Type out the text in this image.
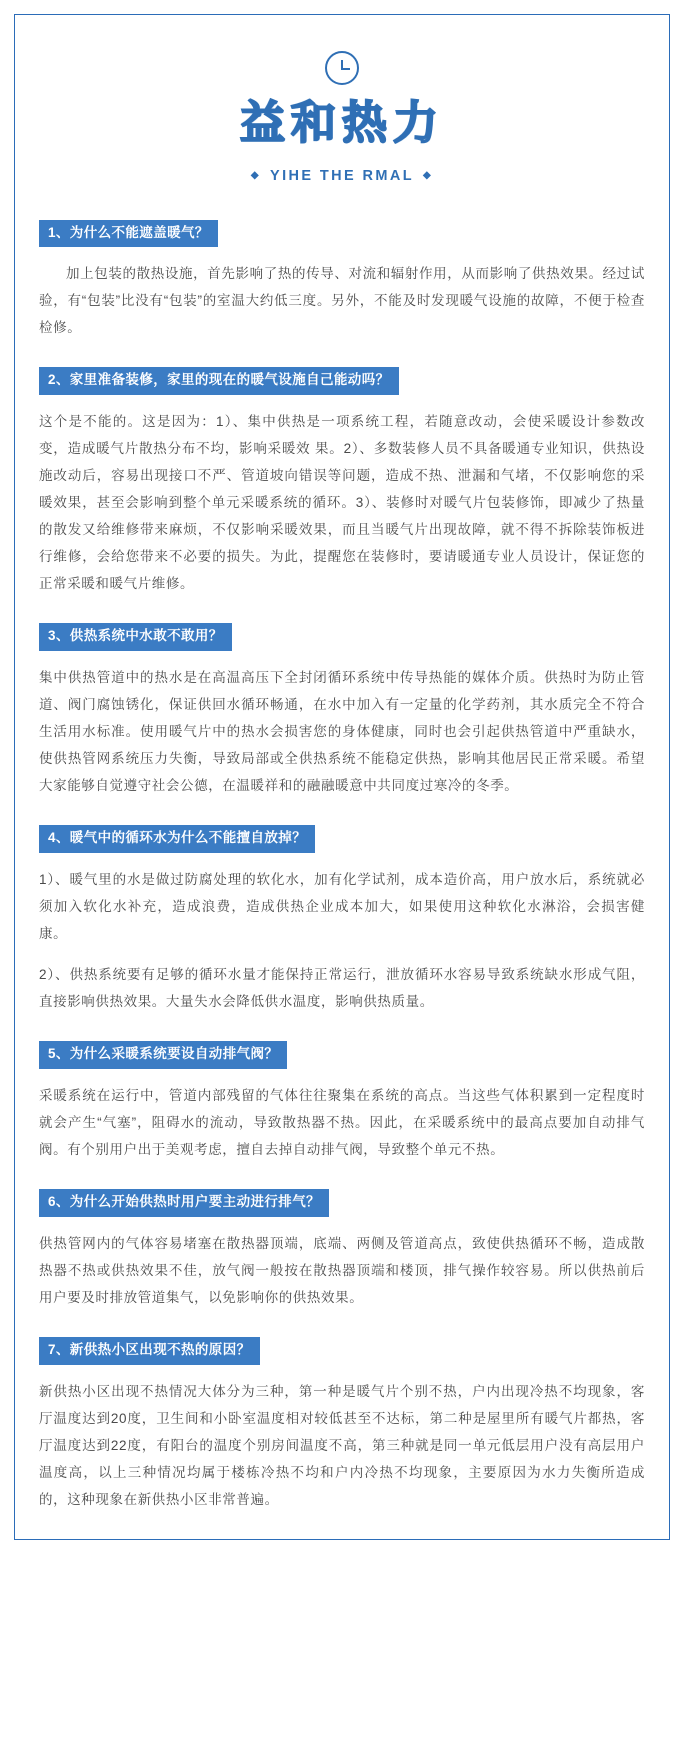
益和热力
◆ YIHE THE RMAL ◆
1、为什么不能遮盖暖气？

加上包装的散热设施，首先影响了热的传导、对流和辐射作用，从而影响了供热效果。经过试验，有“包装”比没有“包装”的室温大约低三度。另外，不能及时发现暖气设施的故障，不便于检查检修。

2、家里准备装修，家里的现在的暖气设施自己能动吗？

这个是不能的。这是因为：1）、集中供热是一项系统工程，若随意改动，会使采暖设计参数改变，造成暖气片散热分布不均，影响采暖效 果。2）、多数装修人员不具备暖通专业知识，供热设施改动后，容易出现接口不严、管道坡向错误等问题，造成不热、泄漏和气堵，不仅影响您的采暖效果，甚至会影响到整个单元采暖系统的循环。3）、装修时对暖气片包装修饰，即减少了热量的散发又给维修带来麻烦，不仅影响采暖效果，而且当暖气片出现故障，就不得不拆除装饰板进行维修，会给您带来不必要的损失。为此，提醒您在装修时，要请暖通专业人员设计，保证您的正常采暖和暖气片维修。

3、供热系统中水敢不敢用？

集中供热管道中的热水是在高温高压下全封闭循环系统中传导热能的媒体介质。供热时为防止管道、阀门腐蚀锈化，保证供回水循环畅通，在水中加入有一定量的化学药剂，其水质完全不符合生活用水标准。使用暖气片中的热水会损害您的身体健康，同时也会引起供热管道中严重缺水，使供热管网系统压力失衡，导致局部或全供热系统不能稳定供热，影响其他居民正常采暖。希望大家能够自觉遵守社会公德，在温暖祥和的融融暖意中共同度过寒冷的冬季。

4、暖气中的循环水为什么不能擅自放掉？

1）、暖气里的水是做过防腐处理的软化水，加有化学试剂，成本造价高，用户放水后，系统就必须加入软化水补充，造成浪费，造成供热企业成本加大，如果使用这种软化水淋浴，会损害健康。

2）、供热系统要有足够的循环水量才能保持正常运行，泄放循环水容易导致系统缺水形成气阻，直接影响供热效果。大量失水会降低供水温度，影响供热质量。

5、为什么采暖系统要设自动排气阀？

采暖系统在运行中，管道内部残留的气体往往聚集在系统的高点。当这些气体积累到一定程度时就会产生“气塞”，阻碍水的流动，导致散热器不热。因此，在采暖系统中的最高点要加自动排气阀。有个别用户出于美观考虑，擅自去掉自动排气阀，导致整个单元不热。

6、为什么开始供热时用户要主动进行排气？

供热管网内的气体容易堵塞在散热器顶端，底端、两侧及管道高点，致使供热循环不畅，造成散热器不热或供热效果不佳，放气阀一般按在散热器顶端和楼顶，排气操作较容易。所以供热前后用户要及时排放管道集气，以免影响你的供热效果。

7、新供热小区出现不热的原因？

新供热小区出现不热情况大体分为三种，第一种是暖气片个别不热，户内出现冷热不均现象，客厅温度达到20度，卫生间和小卧室温度相对较低甚至不达标，第二种是屋里所有暖气片都热，客厅温度达到22度，有阳台的温度个别房间温度不高，第三种就是同一单元低层用户没有高层用户温度高，以上三种情况均属于楼栋冷热不均和户内冷热不均现象，主要原因为水力失衡所造成的，这种现象在新供热小区非常普遍。
